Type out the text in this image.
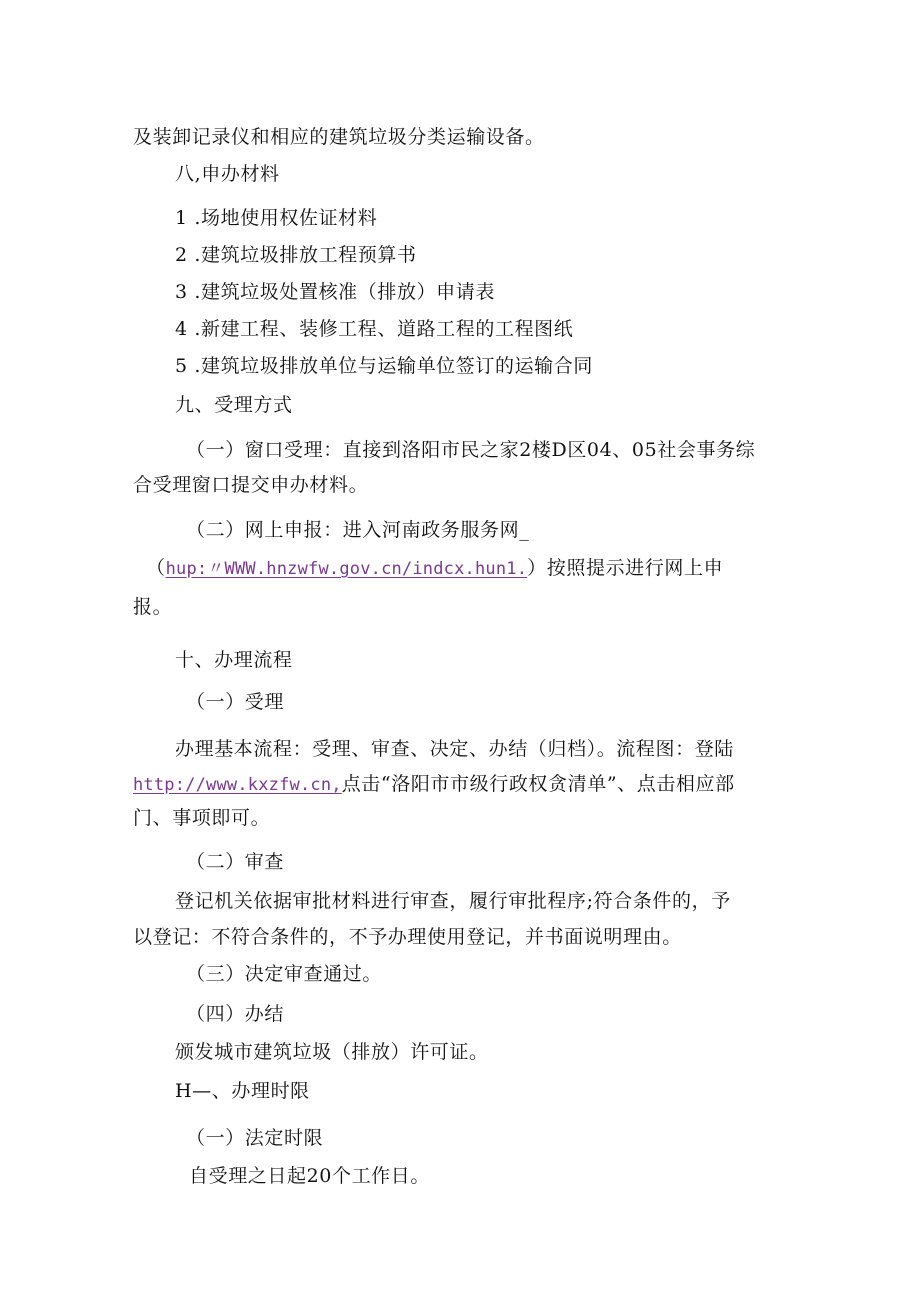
及装卸记录仪和相应的建筑垃圾分类运输设备。
八,申办材料
1 .场地使用权佐证材料
2 .建筑垃圾排放工程预算书
3 .建筑垃圾处置核准（排放）申请表
4 .新建工程、装修工程、道路工程的工程图纸
5 .建筑垃圾排放单位与运输单位签订的运输合同
九、受理方式
（一）窗口受理：直接到洛阳市民之家2楼D区04、05社会事务综
合受理窗口提交申办材料。
（二）网上申报：进入河南政务服务网_
（hup:〃WWW.hnzwfw.gov.cn/indcx.hun1.）按照提示进行网上申
报。
十、办理流程
（一）受理
办理基本流程：受理、审查、决定、办结（归档）。流程图：登陆
http://www.kxzfw.cn,点击“洛阳市市级行政权贪清单”、点击相应部
门、事项即可。
（二）审查
登记机关依据审批材料进行审查，履行审批程序;符合条件的，予
以登记：不符合条件的，不予办理使用登记，并书面说明理由。
（三）决定审查通过。
（四）办结
颁发城市建筑垃圾（排放）许可证。
H—、办理时限
（一）法定时限
自受理之日起20个工作日。
